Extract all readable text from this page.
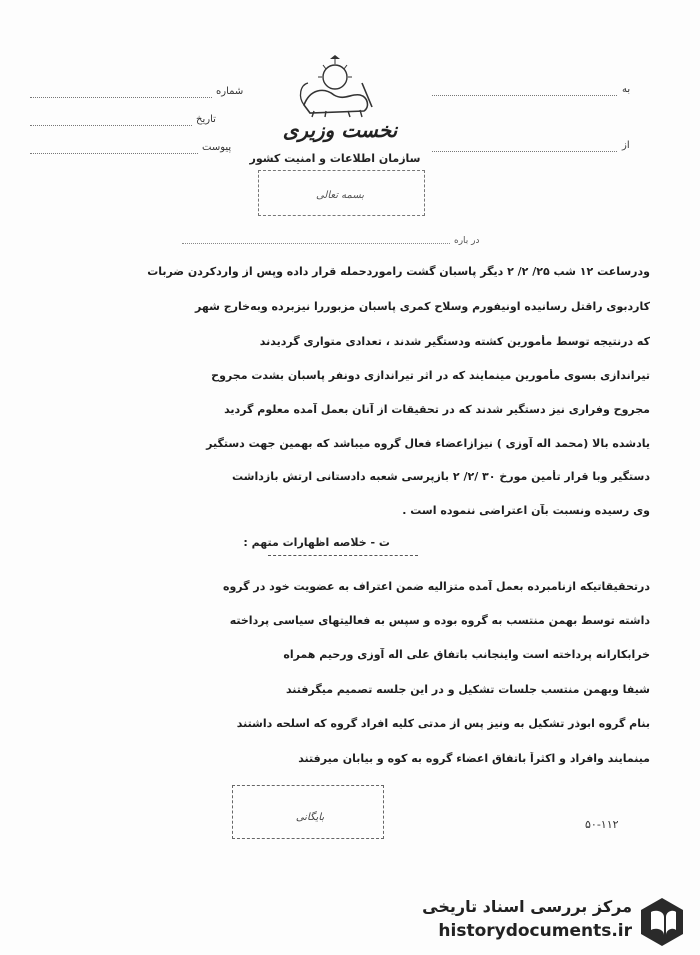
نخست وزیری
سازمان اطلاعات و امنیت کشور
بسمه تعالی
به
از
شماره
تاریخ
پیوست
در باره
ودرساعت ۱۲ شب ۲۵/ ۲/ ۲ دیگر پاسبان گشت راموردحمله قرار داده وپس از واردکردن ضربات
کاردبوی راقتل رسانیده اونیفورم وسلاح کمری پاسبان مزبوررا نیزبرده وبه‌خارج شهر
که درنتیجه توسط مأمورین کشته ودستگیر شدند ، تعدادی متواری گردیدند
تیراندازی بسوی مأمورین مینمایند که در اثر تیراندازی دونفر پاسبان بشدت مجروح
مجروح وفراری نیز دستگیر شدند که در تحقیقات از آنان بعمل آمده معلوم گردید
یادشده بالا (محمد اله آوزی ) نیزازاعضاء فعال گروه میباشد که بهمین جهت دستگیر
دستگیر وبا قرار تأمین مورخ ۳۰ /۲/ ۲ بازپرسی شعبه دادستانی ارتش بازداشت
وی رسیده ونسبت بآن اعتراضی ننموده است .
ت - خلاصه اظهارات متهم :
درتحقیقاتیکه ازنامبرده بعمل آمده متزالیه ضمن اعتراف به عضویت خود در گروه
داشته توسط بهمن منتسب به گروه بوده و سپس به فعالیتهای سیاسی پرداخته
خرابکارانه پرداخته است واینجانب باتفاق علی اله آوزی ورحیم همراه
شیفا وبهمن منتسب جلسات تشکیل و در این جلسه تصمیم میگرفتند
بنام گروه ابوذر تشکیل به ونیز پس از مدتی کلیه افراد گروه که اسلحه داشتند
مینمایند وافراد و اکثراً باتفاق اعضاء گروه به کوه و بیابان میرفتند
بایگانی
۵۰-۱۱۲
مرکز بررسی اسناد تاریخی
historydocuments.ir
